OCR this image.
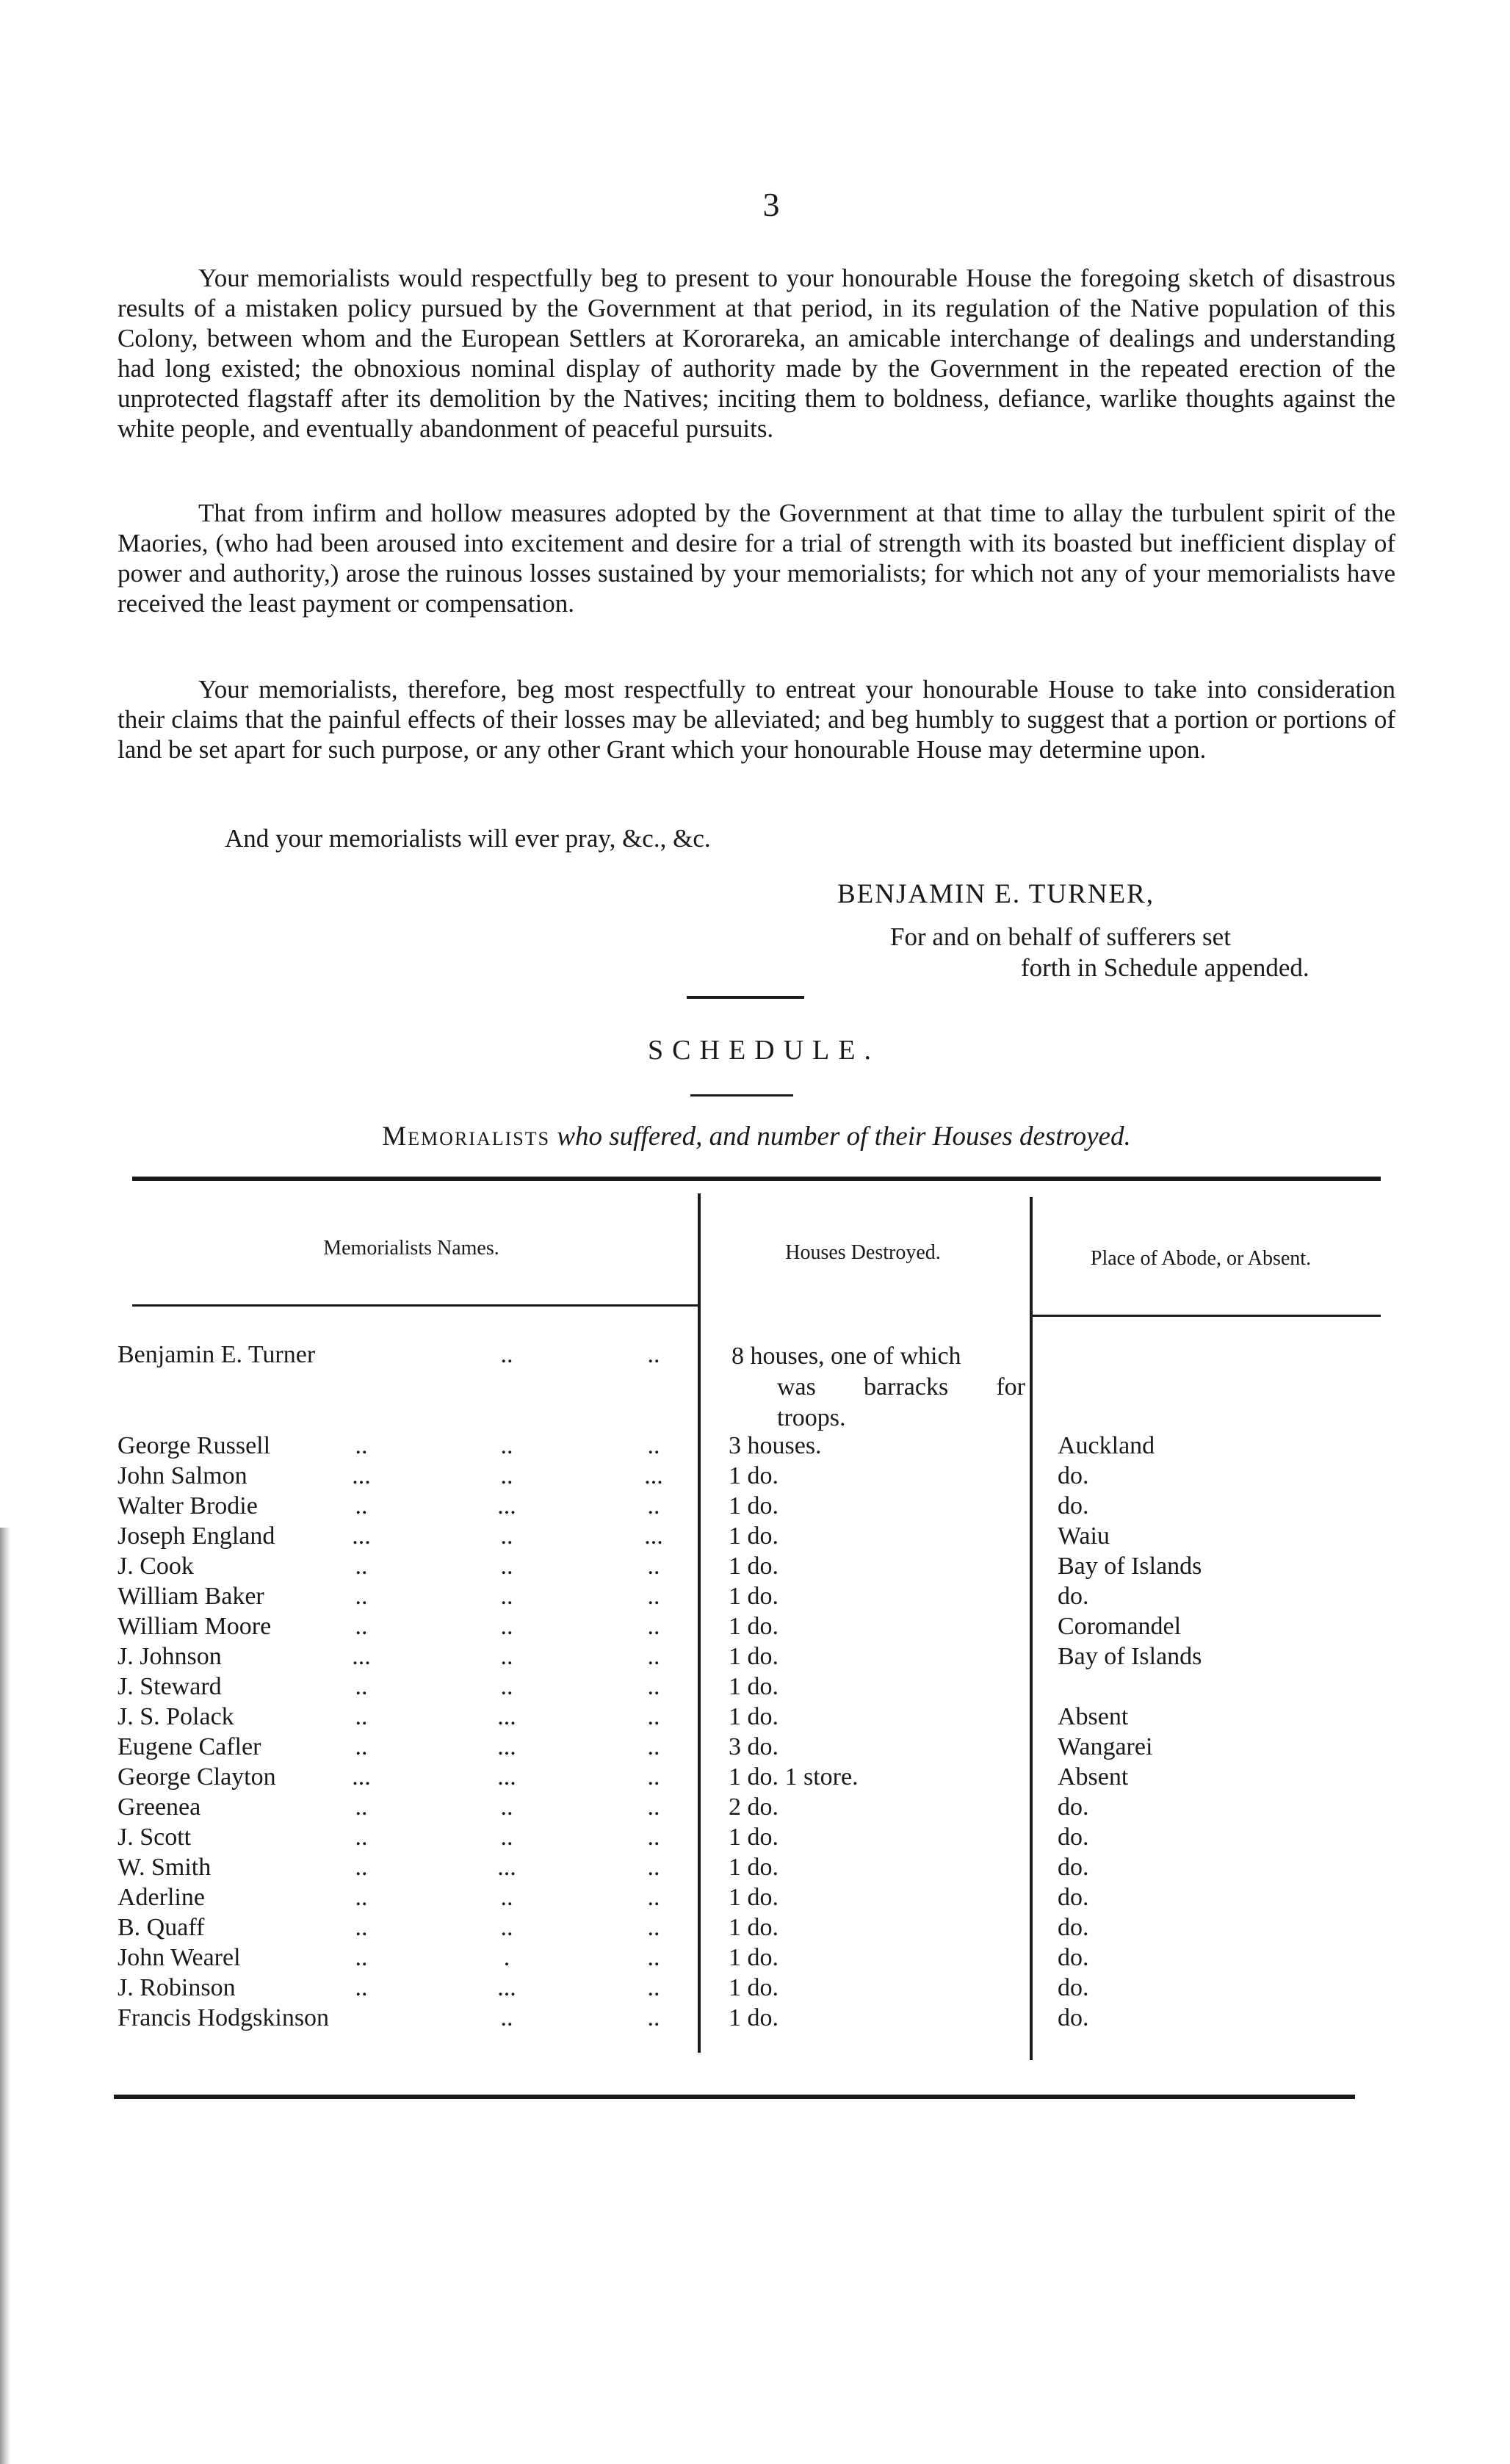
3

Your memorialists would respectfully beg to present to your honourable House the foregoing sketch of disastrous results of a mistaken policy pursued by the Government at that period, in its regulation of the Native population of this Colony, between whom and the European Settlers at Kororareka, an amicable interchange of dealings and understanding had long existed; the obnoxious nominal display of authority made by the Government in the repeated erection of the unprotected flagstaff after its demolition by the Natives; inciting them to boldness, defiance, warlike thoughts against the white people, and eventually abandonment of peaceful pursuits.

That from infirm and hollow measures adopted by the Government at that time to allay the turbulent spirit of the Maories, (who had been aroused into excitement and desire for a trial of strength with its boasted but inefficient display of power and authority,) arose the ruinous losses sustained by your memorialists; for which not any of your memorialists have received the least payment or compensation.

Your memorialists, therefore, beg most respectfully to entreat your honourable House to take into consideration their claims that the painful effects of their losses may be alleviated; and beg humbly to suggest that a portion or portions of land be set apart for such purpose, or any other Grant which your honourable House may determine upon.

And your memorialists will ever pray, &c., &c.
BENJAMIN E. TURNER,
For and on behalf of sufferers set
forth in Schedule appended.
SCHEDULE.
Memorialists who suffered, and number of their Houses destroyed.
Memorialists Names.	Houses Destroyed.	Place of Abode, or Absent.
Benjamin E. Turner	..	..	8 houses, one of which
was barracks for
troops.
George Russell	..	..	..	3 houses.	Auckland
John Salmon	...	..	...	1 do.	do.
Walter Brodie	..	...	..	1 do.	do.
Joseph England	...	..	...	1 do.	Waiu
J. Cook	..	..	..	1 do.	Bay of Islands
William Baker	..	..	..	1 do.	do.
William Moore	..	..	..	1 do.	Coromandel
J. Johnson	...	..	..	1 do.	Bay of Islands
J. Steward	..	..	..	1 do.
J. S. Polack	..	...	..	1 do.	Absent
Eugene Cafler	..	...	..	3 do.	Wangarei
George Clayton	...	...	..	1 do. 1 store.	Absent
Greenea	..	..	..	2 do.	do.
J. Scott	..	..	..	1 do.	do.
W. Smith	..	...	..	1 do.	do.
Aderline	..	..	..	1 do.	do.
B. Quaff	..	..	..	1 do.	do.
John Wearel	..	.	..	1 do.	do.
J. Robinson	..	...	..	1 do.	do.
Francis Hodgskinson	..	..	1 do.	do.
